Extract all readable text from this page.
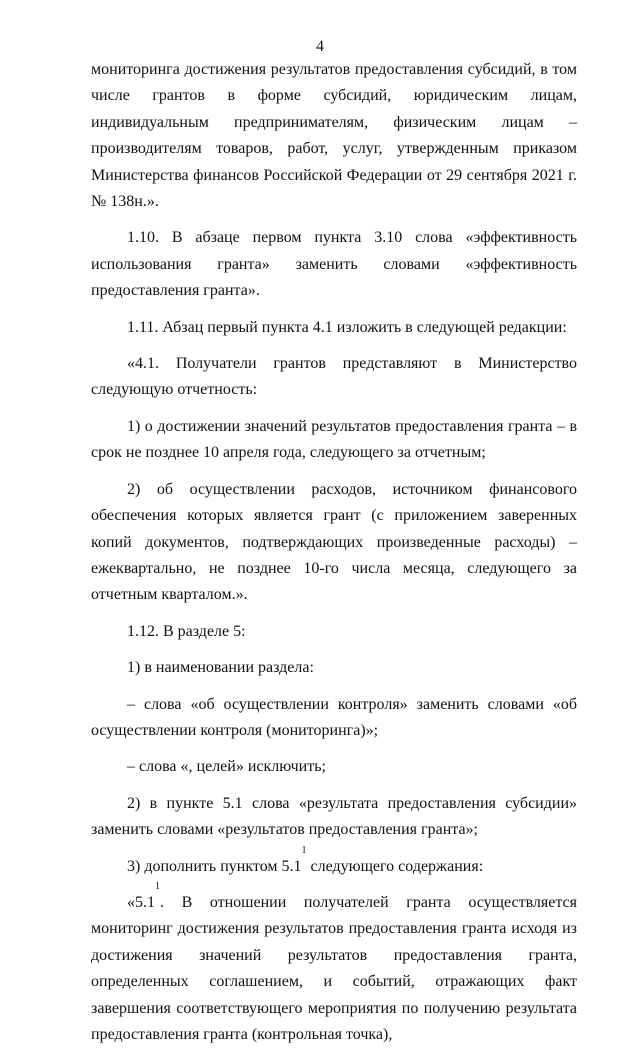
4

мониторинга достижения результатов предоставления субсидий, в том числе грантов в форме субсидий, юридическим лицам, индивидуальным предпринимателям, физическим лицам – производителям товаров, работ, услуг, утвержденным приказом Министерства финансов Российской Федерации от 29 сентября 2021 г. № 138н.».

1.10. В абзаце первом пункта 3.10 слова «эффективность использования гранта» заменить словами «эффективность предоставления гранта».

1.11. Абзац первый пункта 4.1 изложить в следующей редакции:

«4.1. Получатели грантов представляют в Министерство следующую отчетность:

1) о достижении значений результатов предоставления гранта – в срок не позднее 10 апреля года, следующего за отчетным;

2) об осуществлении расходов, источником финансового обеспечения которых является грант (с приложением заверенных копий документов, подтверждающих произведенные расходы) – ежеквартально, не позднее 10-го числа месяца, следующего за отчетным кварталом.».

1.12. В разделе 5:

1) в наименовании раздела:

– слова «об осуществлении контроля» заменить словами «об осуществлении контроля (мониторинга)»;

– слова «, целей» исключить;

2) в пункте 5.1 слова «результата предоставления субсидии» заменить словами «результатов предоставления гранта»;

3) дополнить пунктом $5.1^1$ следующего содержания:

«$5.1^1$. В отношении получателей гранта осуществляется мониторинг достижения результатов предоставления гранта исходя из достижения значений результатов предоставления гранта, определенных соглашением, и событий, отражающих факт завершения соответствующего мероприятия по получению результата предоставления гранта (контрольная точка),
